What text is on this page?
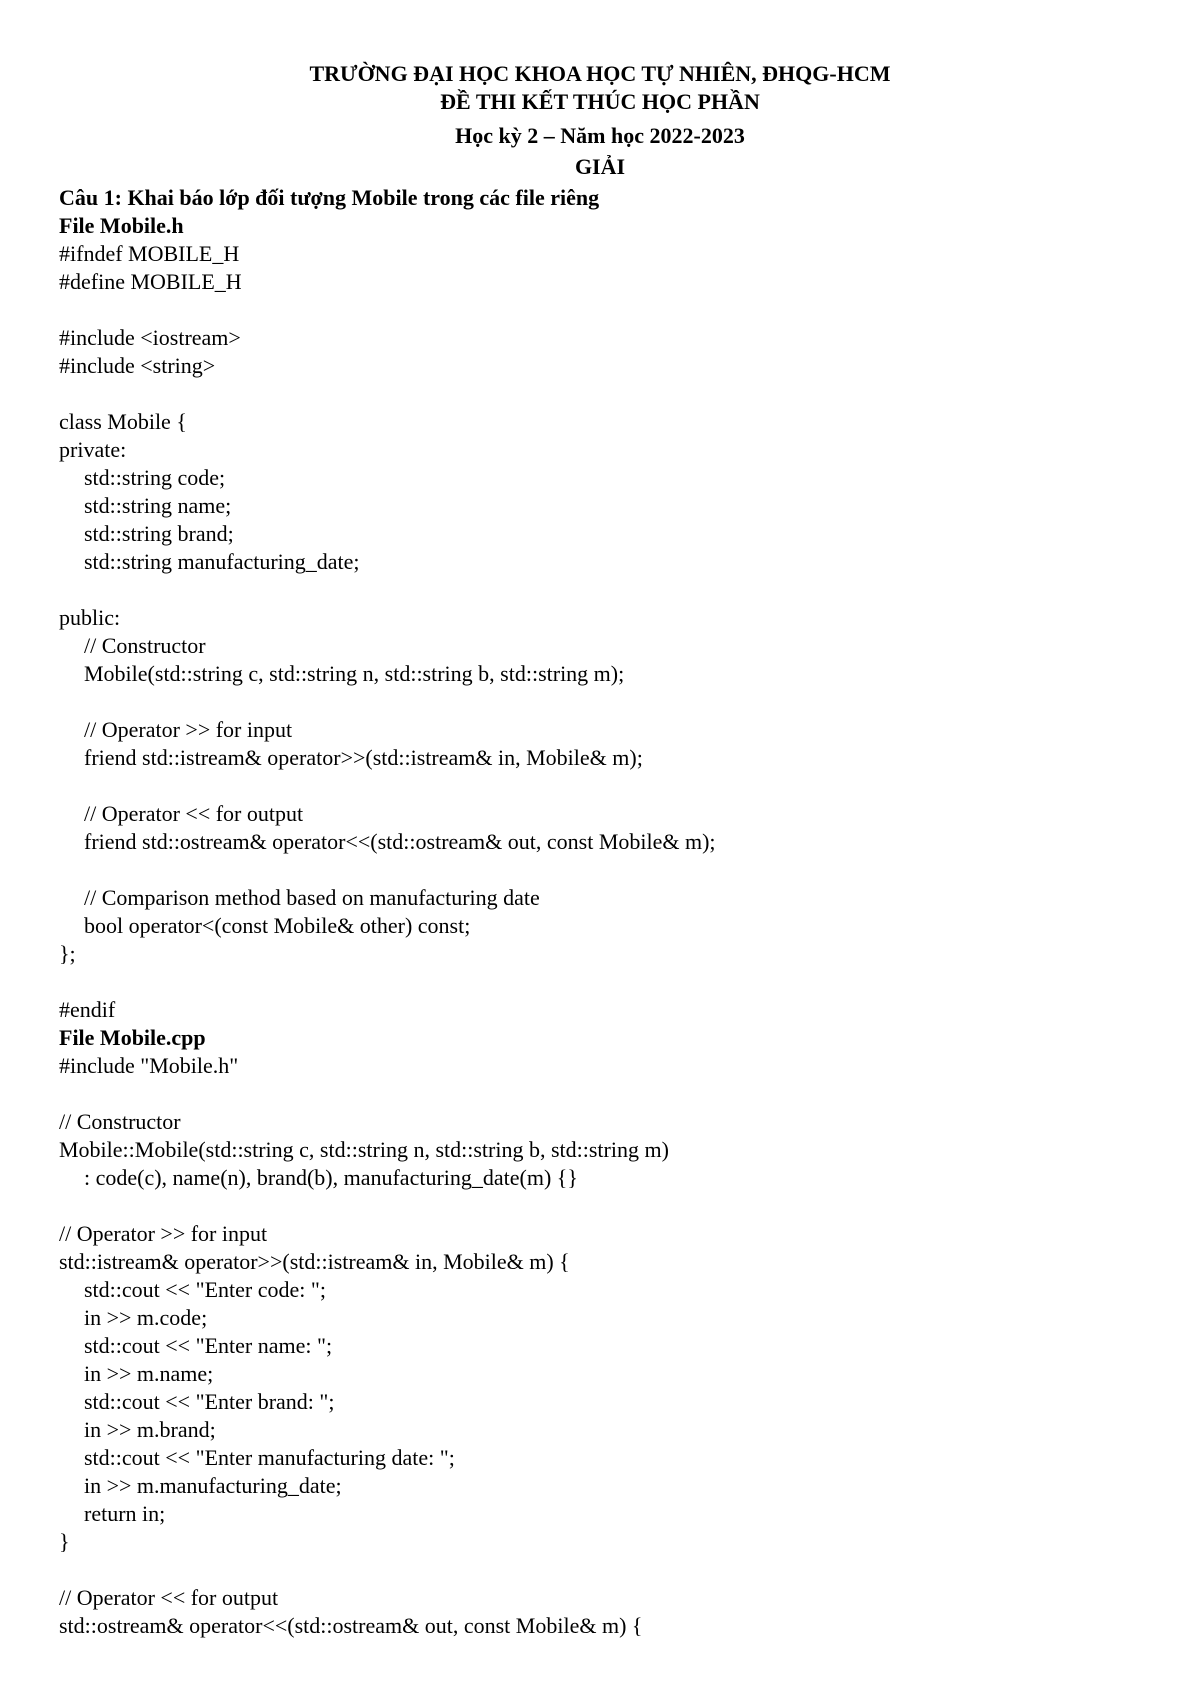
TRƯỜNG ĐẠI HỌC KHOA HỌC TỰ NHIÊN, ĐHQG-HCM
ĐỀ THI KẾT THÚC HỌC PHẦN
Học kỳ 2 – Năm học 2022-2023
GIẢI
Câu 1: Khai báo lớp đối tượng Mobile trong các file riêng
File Mobile.h
#ifndef MOBILE_H
#define MOBILE_H
#include <iostream>
#include <string>
class Mobile {
private:
std::string code;
std::string name;
std::string brand;
std::string manufacturing_date;
public:
// Constructor
Mobile(std::string c, std::string n, std::string b, std::string m);
// Operator >> for input
friend std::istream& operator>>(std::istream& in, Mobile& m);
// Operator << for output
friend std::ostream& operator<<(std::ostream& out, const Mobile& m);
// Comparison method based on manufacturing date
bool operator<(const Mobile& other) const;
};
#endif
File Mobile.cpp
#include "Mobile.h"
// Constructor
Mobile::Mobile(std::string c, std::string n, std::string b, std::string m)
: code(c), name(n), brand(b), manufacturing_date(m) {}
// Operator >> for input
std::istream& operator>>(std::istream& in, Mobile& m) {
std::cout << "Enter code: ";
in >> m.code;
std::cout << "Enter name: ";
in >> m.name;
std::cout << "Enter brand: ";
in >> m.brand;
std::cout << "Enter manufacturing date: ";
in >> m.manufacturing_date;
return in;
}
// Operator << for output
std::ostream& operator<<(std::ostream& out, const Mobile& m) {
